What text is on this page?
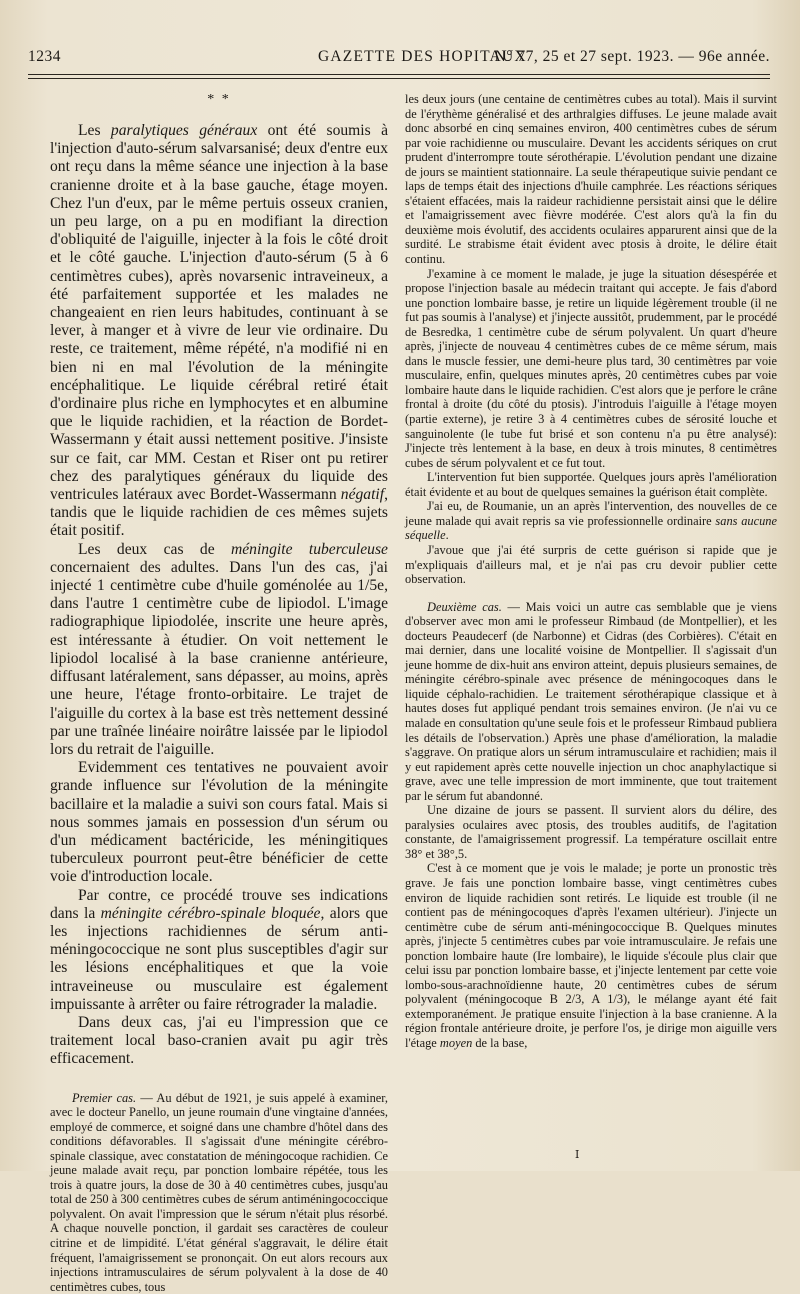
1234	GAZETTE DES HOPITAUX
N° 77, 25 et 27 sept. 1923. — 96e année.
* *

Les paralytiques généraux ont été soumis à l'injection d'auto-sérum salvarsanisé; deux d'entre eux ont reçu dans la même séance une injection à la base cranienne droite et à la base gauche, étage moyen. Chez l'un d'eux, par le même pertuis osseux cranien, un peu large, on a pu en modifiant la direction d'obliquité de l'aiguille, injecter à la fois le côté droit et le côté gauche. L'injection d'auto-sérum (5 à 6 centimètres cubes), après novarsenic intraveineux, a été parfaitement supportée et les malades ne changeaient en rien leurs habitudes, continuant à se lever, à manger et à vivre de leur vie ordinaire. Du reste, ce traitement, même répété, n'a modifié ni en bien ni en mal l'évolution de la méningite encéphalitique. Le liquide cérébral retiré était d'ordinaire plus riche en lymphocytes et en albumine que le liquide rachidien, et la réaction de Bordet-Wassermann y était aussi nettement positive. J'insiste sur ce fait, car MM. Cestan et Riser ont pu retirer chez des paralytiques généraux du liquide des ventricules latéraux avec Bordet-Wassermann négatif, tandis que le liquide rachidien de ces mêmes sujets était positif.

Les deux cas de méningite tuberculeuse concernaient des adultes. Dans l'un des cas, j'ai injecté 1 centimètre cube d'huile goménolée au 1/5e, dans l'autre 1 centimètre cube de lipiodol. L'image radiographique lipiodolée, inscrite une heure après, est intéressante à étudier. On voit nettement le lipiodol localisé à la base cranienne antérieure, diffusant latéralement, sans dépasser, au moins, après une heure, l'étage fronto-orbitaire. Le trajet de l'aiguille du cortex à la base est très nettement dessiné par une traînée linéaire noirâtre laissée par le lipiodol lors du retrait de l'aiguille.

Evidemment ces tentatives ne pouvaient avoir grande influence sur l'évolution de la méningite bacillaire et la maladie a suivi son cours fatal. Mais si nous sommes jamais en possession d'un sérum ou d'un médicament bactéricide, les méningitiques tuberculeux pourront peut-être bénéficier de cette voie d'introduction locale.

Par contre, ce procédé trouve ses indications dans la méningite cérébro-spinale bloquée, alors que les injections rachidiennes de sérum anti-méningococcique ne sont plus susceptibles d'agir sur les lésions encéphalitiques et que la voie intraveineuse ou musculaire est également impuissante à arrêter ou faire rétrograder la maladie.

Dans deux cas, j'ai eu l'impression que ce traitement local baso-cranien avait pu agir très efficacement.

Premier cas. — Au début de 1921, je suis appelé à examiner, avec le docteur Panello, un jeune roumain d'une vingtaine d'années, employé de commerce, et soigné dans une chambre d'hôtel dans des conditions défavorables. Il s'agissait d'une méningite cérébro-spinale classique, avec constatation de méningocoque rachidien. Ce jeune malade avait reçu, par ponction lombaire répétée, tous les trois à quatre jours, la dose de 30 à 40 centimètres cubes, jusqu'au total de 250 à 300 centimètres cubes de sérum antiméningococcique polyvalent. On avait l'impression que le sérum n'était plus résorbé. A chaque nouvelle ponction, il gardait ses caractères de couleur citrine et de limpidité. L'état général s'aggravait, le délire était fréquent, l'amaigrissement se prononçait. On eut alors recours aux injections intramusculaires de sérum polyvalent à la dose de 40 centimètres cubes, tous

les deux jours (une centaine de centimètres cubes au total). Mais il survint de l'érythème généralisé et des arthralgies diffuses. Le jeune malade avait donc absorbé en cinq semaines environ, 400 centimètres cubes de sérum par voie rachidienne ou musculaire. Devant les accidents sériques on crut prudent d'interrompre toute sérothérapie. L'évolution pendant une dizaine de jours se maintient stationnaire. La seule thérapeutique suivie pendant ce laps de temps était des injections d'huile camphrée. Les réactions sériques s'étaient effacées, mais la raideur rachidienne persistait ainsi que le délire et l'amaigrissement avec fièvre modérée. C'est alors qu'à la fin du deuxième mois évolutif, des accidents oculaires apparurent ainsi que de la surdité. Le strabisme était évident avec ptosis à droite, le délire était continu.

J'examine à ce moment le malade, je juge la situation désespérée et propose l'injection basale au médecin traitant qui accepte. Je fais d'abord une ponction lombaire basse, je retire un liquide légèrement trouble (il ne fut pas soumis à l'analyse) et j'injecte aussitôt, prudemment, par le procédé de Besredka, 1 centimètre cube de sérum polyvalent. Un quart d'heure après, j'injecte de nouveau 4 centimètres cubes de ce même sérum, mais dans le muscle fessier, une demi-heure plus tard, 30 centimètres par voie musculaire, enfin, quelques minutes après, 20 centimètres cubes par voie lombaire haute dans le liquide rachidien. C'est alors que je perfore le crâne frontal à droite (du côté du ptosis). J'introduis l'aiguille à l'étage moyen (partie externe), je retire 3 à 4 centimètres cubes de sérosité louche et sanguinolente (le tube fut brisé et son contenu n'a pu être analysé): J'injecte très lentement à la base, en deux à trois minutes, 8 centimètres cubes de sérum polyvalent et ce fut tout.

L'intervention fut bien supportée. Quelques jours après l'amélioration était évidente et au bout de quelques semaines la guérison était complète.

J'ai eu, de Roumanie, un an après l'intervention, des nouvelles de ce jeune malade qui avait repris sa vie professionnelle ordinaire sans aucune séquelle.

J'avoue que j'ai été surpris de cette guérison si rapide que je m'expliquais d'ailleurs mal, et je n'ai pas cru devoir publier cette observation.

Deuxième cas. — Mais voici un autre cas semblable que je viens d'observer avec mon ami le professeur Rimbaud (de Montpellier), et les docteurs Peaudecerf (de Narbonne) et Cidras (des Corbières). C'était en mai dernier, dans une localité voisine de Montpellier. Il s'agissait d'un jeune homme de dix-huit ans environ atteint, depuis plusieurs semaines, de méningite cérébro-spinale avec présence de méningocoques dans le liquide céphalo-rachidien. Le traitement sérothérapique classique et à hautes doses fut appliqué pendant trois semaines environ. (Je n'ai vu ce malade en consultation qu'une seule fois et le professeur Rimbaud publiera les détails de l'observation.) Après une phase d'amélioration, la maladie s'aggrave. On pratique alors un sérum intramusculaire et rachidien; mais il y eut rapidement après cette nouvelle injection un choc anaphylactique si grave, avec une telle impression de mort imminente, que tout traitement par le sérum fut abandonné.

Une dizaine de jours se passent. Il survient alors du délire, des paralysies oculaires avec ptosis, des troubles auditifs, de l'agitation constante, de l'amaigrissement progressif. La température oscillait entre 38° et 38°,5.

C'est à ce moment que je vois le malade; je porte un pronostic très grave. Je fais une ponction lombaire basse, vingt centimètres cubes environ de liquide rachidien sont retirés. Le liquide est trouble (il ne contient pas de méningocoques d'après l'examen ultérieur). J'injecte un centimètre cube de sérum anti-méningococcique B. Quelques minutes après, j'injecte 5 centimètres cubes par voie intramusculaire. Je refais une ponction lombaire haute (Ire lombaire), le liquide s'écoule plus clair que celui issu par ponction lombaire basse, et j'injecte lentement par cette voie lombo-sous-arachnoïdienne haute, 20 centimètres cubes de sérum polyvalent (méningocoque B 2/3, A 1/3), le mélange ayant été fait extemporanément. Je pratique ensuite l'injection à la base cranienne. A la région frontale antérieure droite, je perfore l'os, je dirige mon aiguille vers l'étage moyen de la base,

I
